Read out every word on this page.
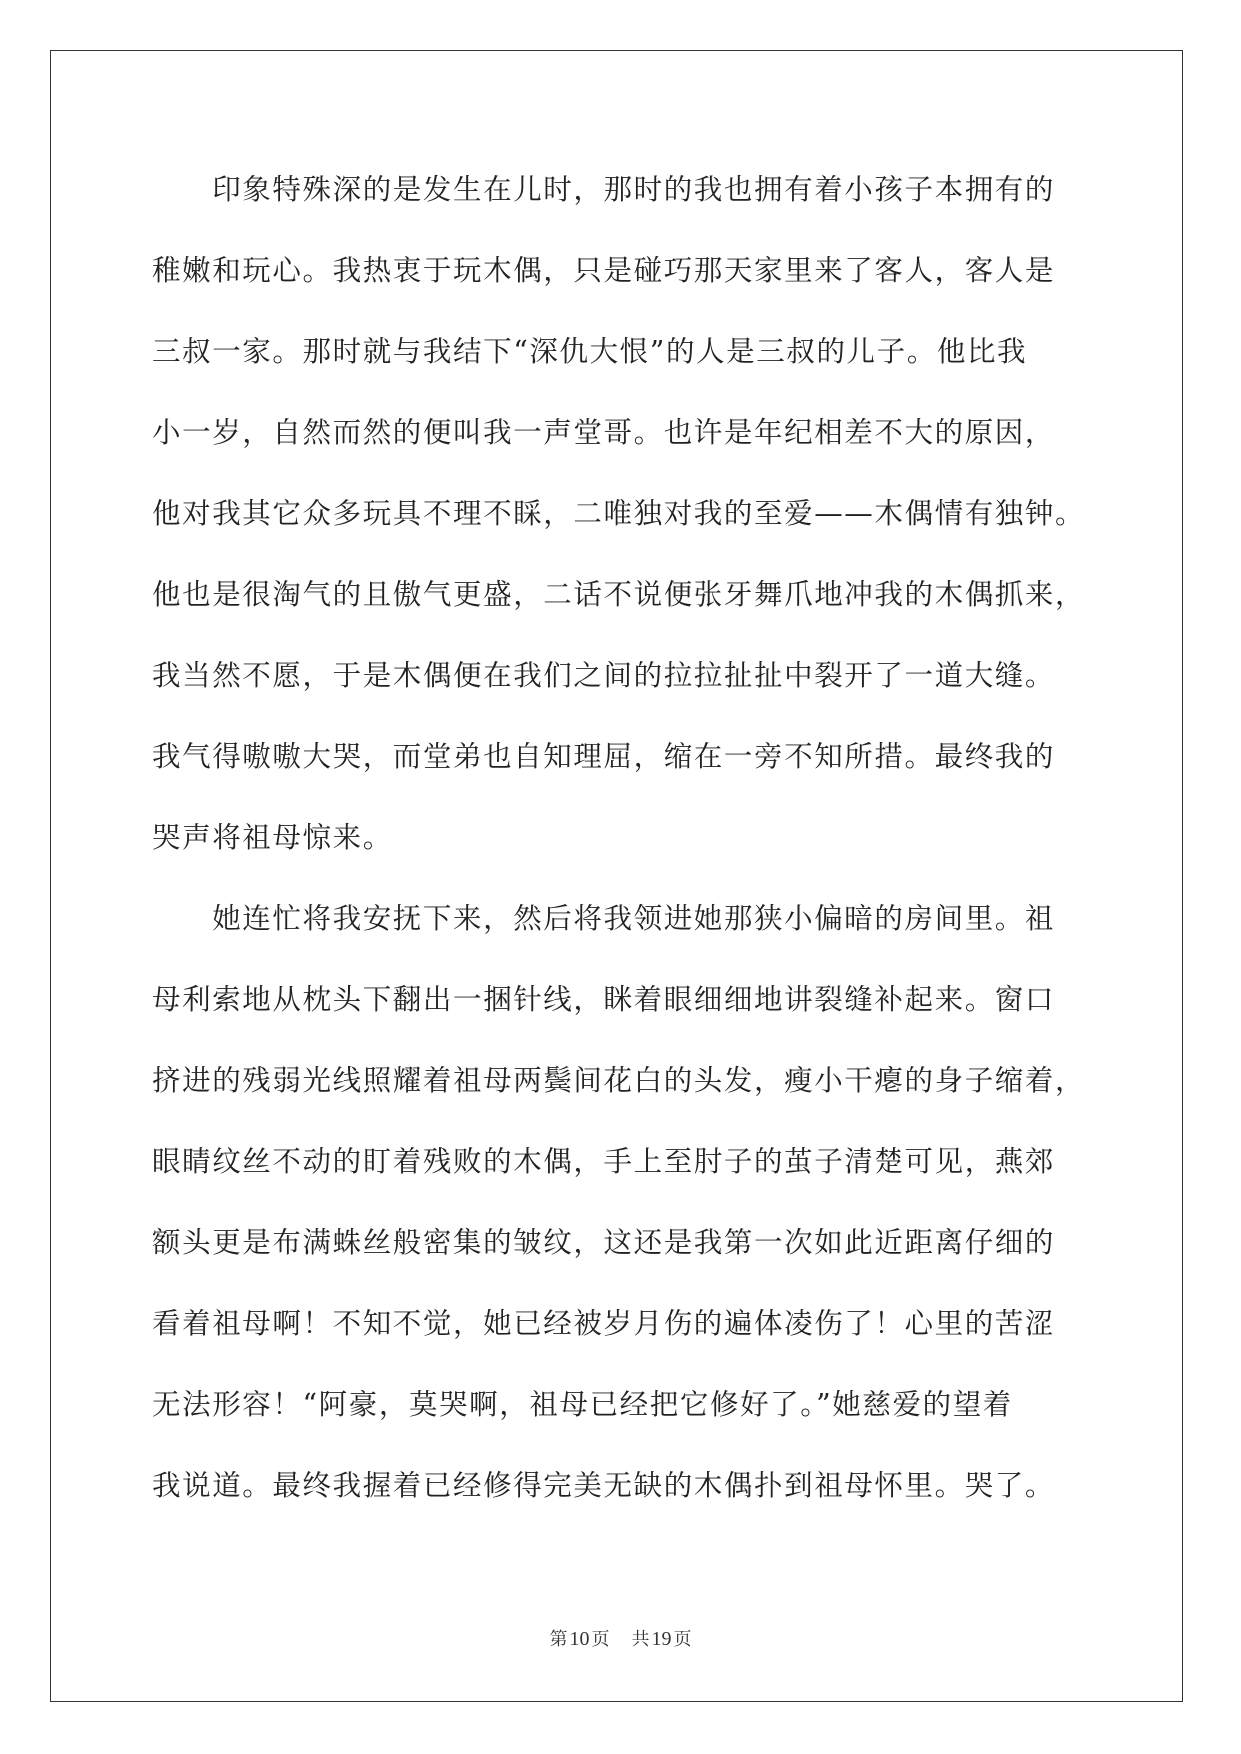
　　印象特殊深的是发生在儿时，那时的我也拥有着小孩子本拥有的
稚嫩和玩心。我热衷于玩木偶，只是碰巧那天家里来了客人，客人是
三叔一家。那时就与我结下“深仇大恨”的人是三叔的儿子。他比我
小一岁，自然而然的便叫我一声堂哥。也许是年纪相差不大的原因，
他对我其它众多玩具不理不睬，二唯独对我的至爱——木偶情有独钟。
他也是很淘气的且傲气更盛，二话不说便张牙舞爪地冲我的木偶抓来，
我当然不愿，于是木偶便在我们之间的拉拉扯扯中裂开了一道大缝。
我气得嗷嗷大哭，而堂弟也自知理屈，缩在一旁不知所措。最终我的
哭声将祖母惊来。
　　她连忙将我安抚下来，然后将我领进她那狭小偏暗的房间里。祖
母利索地从枕头下翻出一捆针线，眯着眼细细地讲裂缝补起来。窗口
挤进的残弱光线照耀着祖母两鬓间花白的头发，瘦小干瘪的身子缩着，
眼睛纹丝不动的盯着残败的木偶，手上至肘子的茧子清楚可见，燕郊
额头更是布满蛛丝般密集的皱纹，这还是我第一次如此近距离仔细的
看着祖母啊！不知不觉，她已经被岁月伤的遍体凌伤了！心里的苦涩
无法形容！“阿豪，莫哭啊，祖母已经把它修好了。”她慈爱的望着
我说道。最终我握着已经修得完美无缺的木偶扑到祖母怀里。哭了。
第 10 页 共 19 页
